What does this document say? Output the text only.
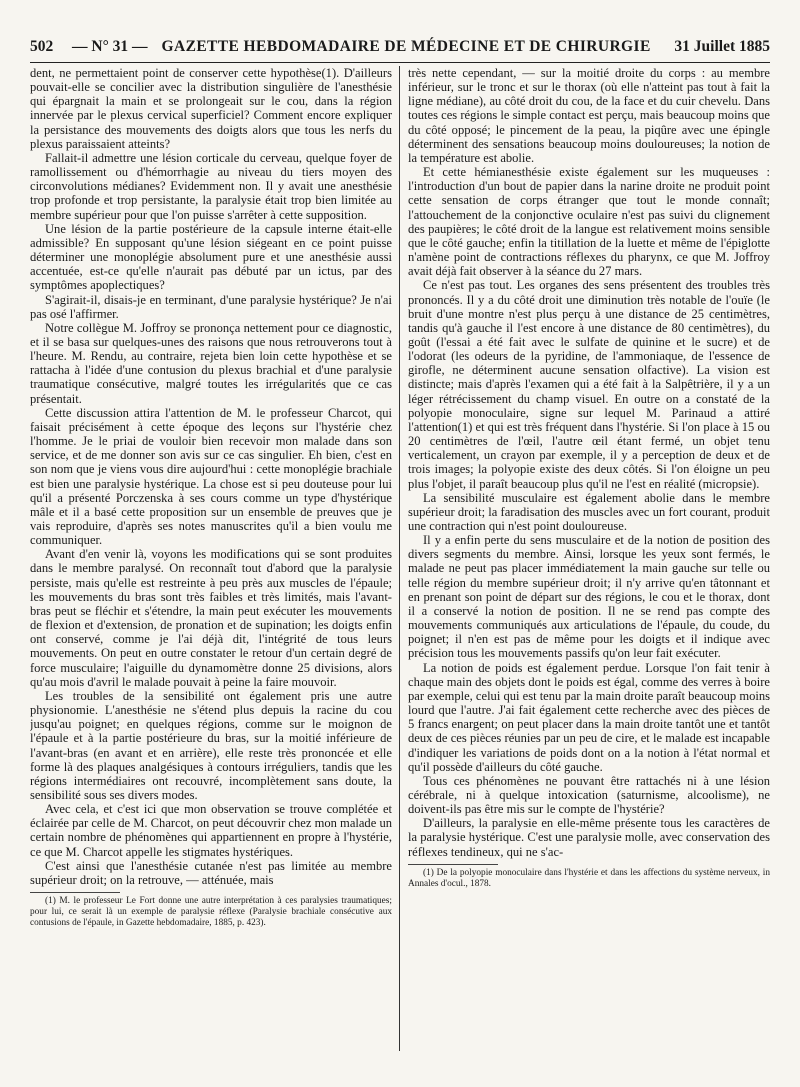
502	— N° 31 — GAZETTE HEBDOMADAIRE DE MÉDECINE ET DE CHIRURGIE	31 Juillet 1885

dent, ne permettaient point de conserver cette hypothèse(1). D'ailleurs pouvait-elle se concilier avec la distribution singulière de l'anesthésie qui épargnait la main et se prolongeait sur le cou, dans la région innervée par le plexus cervical superficiel? Comment encore expliquer la persistance des mouvements des doigts alors que tous les nerfs du plexus paraissaient atteints?

Fallait-il admettre une lésion corticale du cerveau, quelque foyer de ramollissement ou d'hémorrhagie au niveau du tiers moyen des circonvolutions médianes? Evidemment non. Il y avait une anesthésie trop profonde et trop persistante, la paralysie était trop bien limitée au membre supérieur pour que l'on puisse s'arrêter à cette supposition.

Une lésion de la partie postérieure de la capsule interne était-elle admissible? En supposant qu'une lésion siégeant en ce point puisse déterminer une monoplégie absolument pure et une anesthésie aussi accentuée, est-ce qu'elle n'aurait pas débuté par un ictus, par des symptômes apoplectiques?

S'agirait-il, disais-je en terminant, d'une paralysie hystérique? Je n'ai pas osé l'affirmer.

Notre collègue M. Joffroy se prononça nettement pour ce diagnostic, et il se basa sur quelques-unes des raisons que nous retrouverons tout à l'heure. M. Rendu, au contraire, rejeta bien loin cette hypothèse et se rattacha à l'idée d'une contusion du plexus brachial et d'une paralysie traumatique consécutive, malgré toutes les irrégularités que ce cas présentait.

Cette discussion attira l'attention de M. le professeur Charcot, qui faisait précisément à cette époque des leçons sur l'hystérie chez l'homme. Je le priai de vouloir bien recevoir mon malade dans son service, et de me donner son avis sur ce cas singulier. Eh bien, c'est en son nom que je viens vous dire aujourd'hui : cette monoplégie brachiale est bien une paralysie hystérique. La chose est si peu douteuse pour lui qu'il a présenté Porczenska à ses cours comme un type d'hystérique mâle et il a basé cette proposition sur un ensemble de preuves que je vais reproduire, d'après ses notes manuscrites qu'il a bien voulu me communiquer.

Avant d'en venir là, voyons les modifications qui se sont produites dans le membre paralysé. On reconnaît tout d'abord que la paralysie persiste, mais qu'elle est restreinte à peu près aux muscles de l'épaule; les mouvements du bras sont très faibles et très limités, mais l'avant-bras peut se fléchir et s'étendre, la main peut exécuter les mouvements de flexion et d'extension, de pronation et de supination; les doigts enfin ont conservé, comme je l'ai déjà dit, l'intégrité de tous leurs mouvements. On peut en outre constater le retour d'un certain degré de force musculaire; l'aiguille du dynamomètre donne 25 divisions, alors qu'au mois d'avril le malade pouvait à peine la faire mouvoir.

Les troubles de la sensibilité ont également pris une autre physionomie. L'anesthésie ne s'étend plus depuis la racine du cou jusqu'au poignet; en quelques régions, comme sur le moignon de l'épaule et à la partie postérieure du bras, sur la moitié inférieure de l'avant-bras (en avant et en arrière), elle reste très prononcée et elle forme là des plaques analgésiques à contours irréguliers, tandis que les régions intermédiaires ont recouvré, incomplètement sans doute, la sensibilité sous ses divers modes.

Avec cela, et c'est ici que mon observation se trouve complétée et éclairée par celle de M. Charcot, on peut découvrir chez mon malade un certain nombre de phénomènes qui appartiennent en propre à l'hystérie, ce que M. Charcot appelle les stigmates hystériques.

C'est ainsi que l'anesthésie cutanée n'est pas limitée au membre supérieur droit; on la retrouve, — atténuée, mais

(1) M. le professeur Le Fort donne une autre interprétation à ces paralysies traumatiques; pour lui, ce serait là un exemple de paralysie réflexe (Paralysie brachiale consécutive aux contusions de l'épaule, in Gazette hebdomadaire, 1885, p. 423).

très nette cependant, — sur la moitié droite du corps : au membre inférieur, sur le tronc et sur le thorax (où elle n'atteint pas tout à fait la ligne médiane), au côté droit du cou, de la face et du cuir chevelu. Dans toutes ces régions le simple contact est perçu, mais beaucoup moins que du côté opposé; le pincement de la peau, la piqûre avec une épingle déterminent des sensations beaucoup moins douloureuses; la notion de la température est abolie.

Et cette hémianesthésie existe également sur les muqueuses : l'introduction d'un bout de papier dans la narine droite ne produit point cette sensation de corps étranger que tout le monde connaît; l'attouchement de la conjonctive oculaire n'est pas suivi du clignement des paupières; le côté droit de la langue est relativement moins sensible que le côté gauche; enfin la titillation de la luette et même de l'épiglotte n'amène point de contractions réflexes du pharynx, ce que M. Joffroy avait déjà fait observer à la séance du 27 mars.

Ce n'est pas tout. Les organes des sens présentent des troubles très prononcés. Il y a du côté droit une diminution très notable de l'ouïe (le bruit d'une montre n'est plus perçu à une distance de 25 centimètres, tandis qu'à gauche il l'est encore à une distance de 80 centimètres), du goût (l'essai a été fait avec le sulfate de quinine et le sucre) et de l'odorat (les odeurs de la pyridine, de l'ammoniaque, de l'essence de girofle, ne déterminent aucune sensation olfactive). La vision est distincte; mais d'après l'examen qui a été fait à la Salpêtrière, il y a un léger rétrécissement du champ visuel. En outre on a constaté de la polyopie monoculaire, signe sur lequel M. Parinaud a attiré l'attention(1) et qui est très fréquent dans l'hystérie. Si l'on place à 15 ou 20 centimètres de l'œil, l'autre œil étant fermé, un objet tenu verticalement, un crayon par exemple, il y a perception de deux et de trois images; la polyopie existe des deux côtés. Si l'on éloigne un peu plus l'objet, il paraît beaucoup plus qu'il ne l'est en réalité (micropsie).

La sensibilité musculaire est également abolie dans le membre supérieur droit; la faradisation des muscles avec un fort courant, produit une contraction qui n'est point douloureuse.

Il y a enfin perte du sens musculaire et de la notion de position des divers segments du membre. Ainsi, lorsque les yeux sont fermés, le malade ne peut pas placer immédiatement la main gauche sur telle ou telle région du membre supérieur droit; il n'y arrive qu'en tâtonnant et en prenant son point de départ sur des régions, le cou et le thorax, dont il a conservé la notion de position. Il ne se rend pas compte des mouvements communiqués aux articulations de l'épaule, du coude, du poignet; il n'en est pas de même pour les doigts et il indique avec précision tous les mouvements passifs qu'on leur fait exécuter.

La notion de poids est également perdue. Lorsque l'on fait tenir à chaque main des objets dont le poids est égal, comme des verres à boire par exemple, celui qui est tenu par la main droite paraît beaucoup moins lourd que l'autre. J'ai fait également cette recherche avec des pièces de 5 francs enargent; on peut placer dans la main droite tantôt une et tantôt deux de ces pièces réunies par un peu de cire, et le malade est incapable d'indiquer les variations de poids dont on a la notion à l'état normal et qu'il possède d'ailleurs du côté gauche.

Tous ces phénomènes ne pouvant être rattachés ni à une lésion cérébrale, ni à quelque intoxication (saturnisme, alcoolisme), ne doivent-ils pas être mis sur le compte de l'hystérie?

D'ailleurs, la paralysie en elle-même présente tous les caractères de la paralysie hystérique. C'est une paralysie molle, avec conservation des réflexes tendineux, qui ne s'ac-

(1) De la polyopie monoculaire dans l'hystérie et dans les affections du système nerveux, in Annales d'ocul., 1878.
